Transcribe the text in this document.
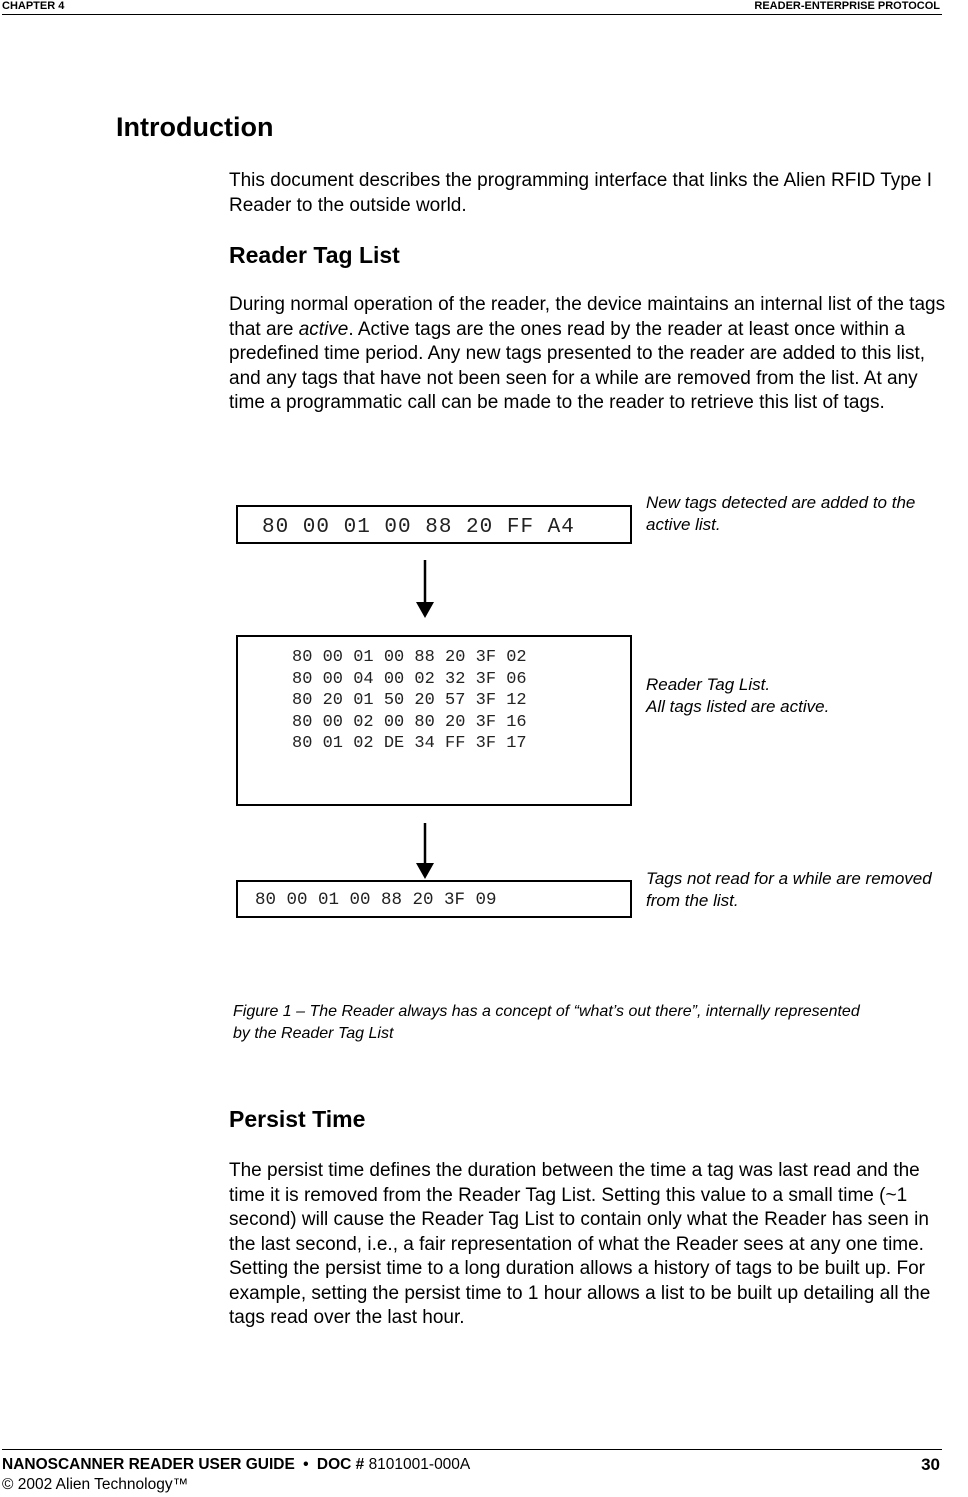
CHAPTER 4	READER-ENTERPRISE PROTOCOL
Introduction

This document describes the programming interface that links the Alien RFID Type I Reader to the outside world.

Reader Tag List

During normal operation of the reader, the device maintains an internal list of the tags that are active. Active tags are the ones read by the reader at least once within a predefined time period. Any new tags presented to the reader are added to this list, and any tags that have not been seen for a while are removed from the list. At any time a programmatic call can be made to the reader to retrieve this list of tags.

80 00 01 00 88 20 FF A4
New tags detected are added to the
active list.
80 00 01 00 88 20 3F 02
80 00 04 00 02 32 3F 06
80 20 01 50 20 57 3F 12
80 00 02 00 80 20 3F 16
80 01 02 DE 34 FF 3F 17
Reader Tag List.
All tags listed are active.
80 00 01 00 88 20 3F 09
Tags not read for a while are removed
from the list.
Figure 1 – The Reader always has a concept of “what’s out there”, internally represented
by the Reader Tag List
Persist Time

The persist time defines the duration between the time a tag was last read and the time it is removed from the Reader Tag List. Setting this value to a small time (~1 second) will cause the Reader Tag List to contain only what the Reader has seen in the last second, i.e., a fair representation of what the Reader sees at any one time. Setting the persist time to a long duration allows a history of tags to be built up. For example, setting the persist time to 1 hour allows a list to be built up detailing all the tags read over the last hour.

NANOSCANNER READER USER GUIDE • DOC # 8101001-000A	30
© 2002 Alien Technology™
